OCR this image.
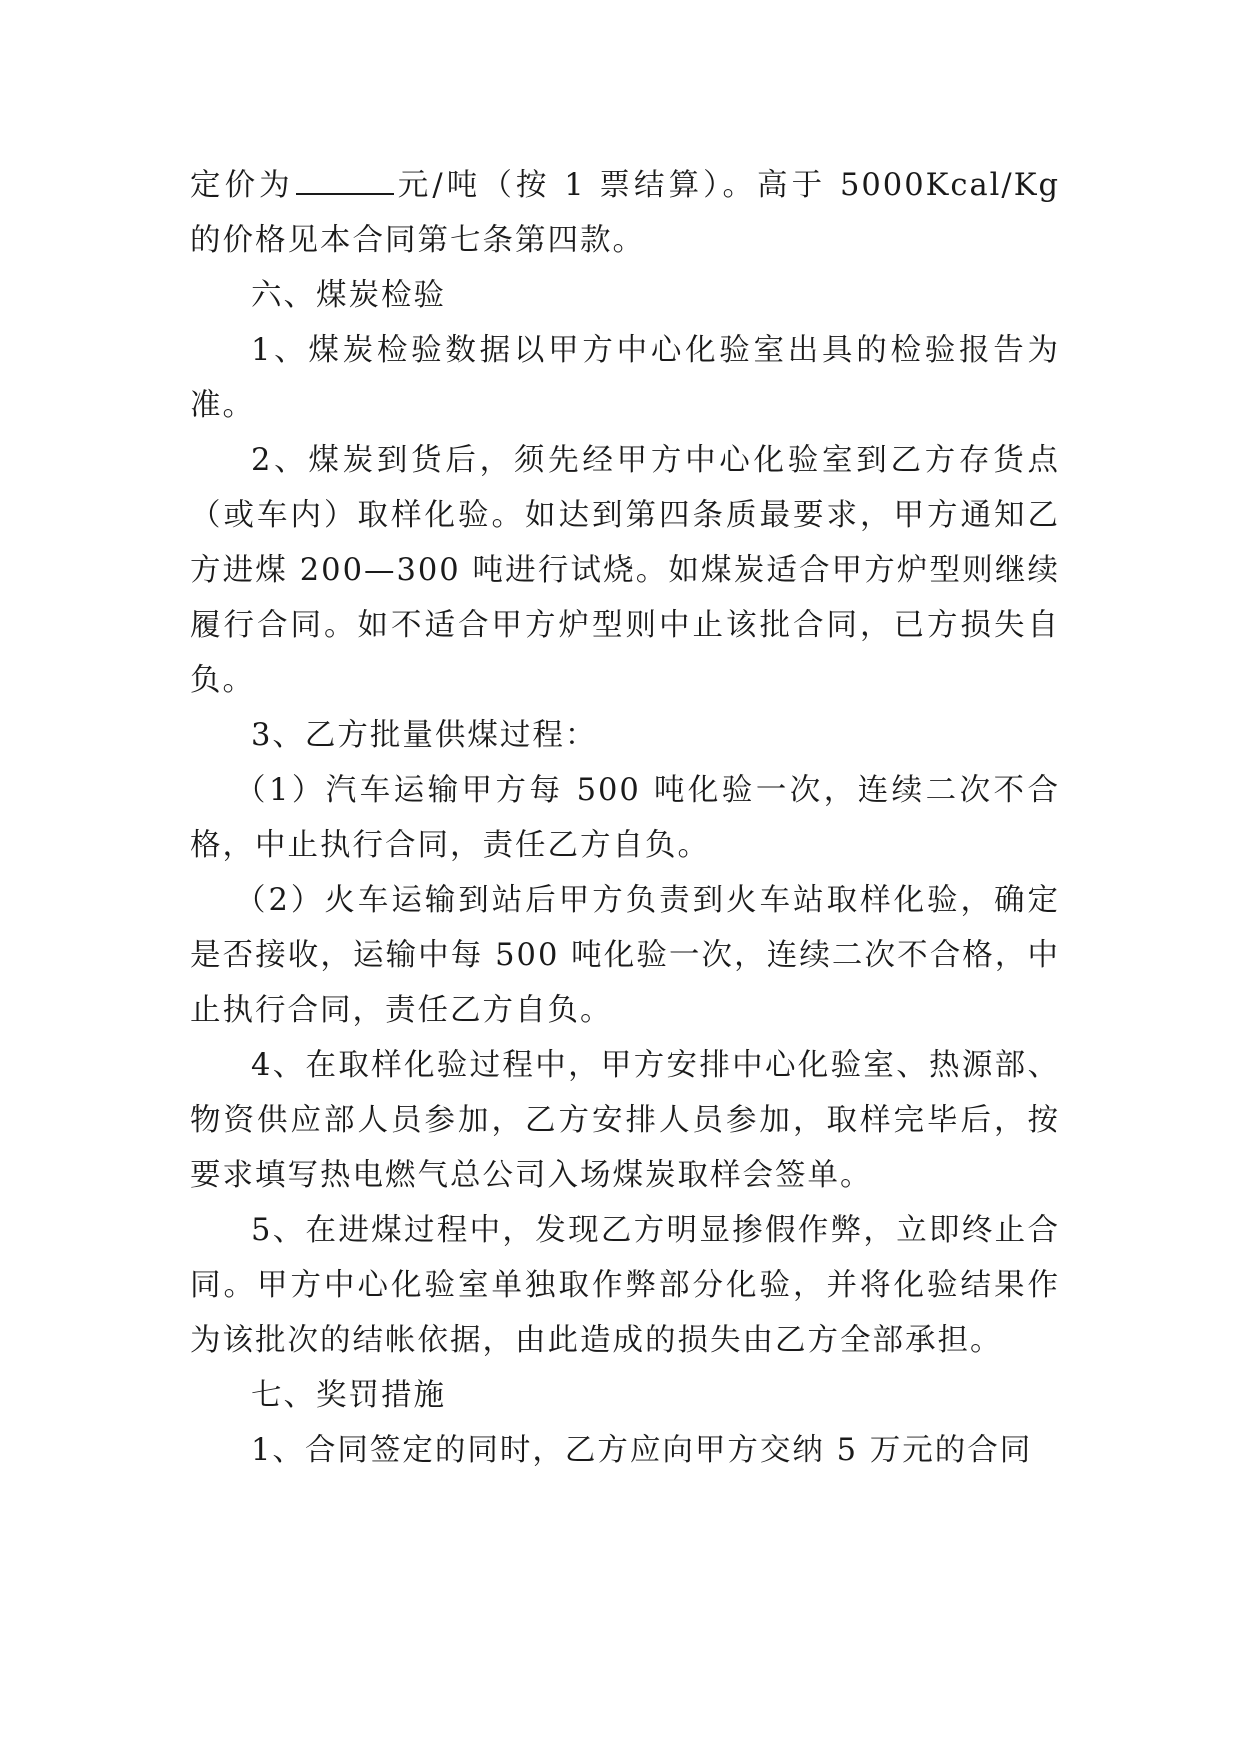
定价为	元/吨（按 1 票结算）。高于 5000Kcal/Kg 的价格见本合同第七条第四款。

六、煤炭检验

1、煤炭检验数据以甲方中心化验室出具的检验报告为准。

2、煤炭到货后，须先经甲方中心化验室到乙方存货点（或车内）取样化验。如达到第四条质最要求，甲方通知乙方进煤 200—300 吨进行试烧。如煤炭适合甲方炉型则继续履行合同。如不适合甲方炉型则中止该批合同，已方损失自负。

3、乙方批量供煤过程：

（1）汽车运输甲方每 500 吨化验一次，连续二次不合格，中止执行合同，责任乙方自负。

（2）火车运输到站后甲方负责到火车站取样化验，确定是否接收，运输中每 500 吨化验一次，连续二次不合格，中止执行合同，责任乙方自负。

4、在取样化验过程中，甲方安排中心化验室、热源部、物资供应部人员参加，乙方安排人员参加，取样完毕后，按要求填写热电燃气总公司入场煤炭取样会签单。

5、在进煤过程中，发现乙方明显掺假作弊，立即终止合同。甲方中心化验室单独取作弊部分化验，并将化验结果作为该批次的结帐依据，由此造成的损失由乙方全部承担。

七、奖罚措施

1、合同签定的同时，乙方应向甲方交纳 5 万元的合同
